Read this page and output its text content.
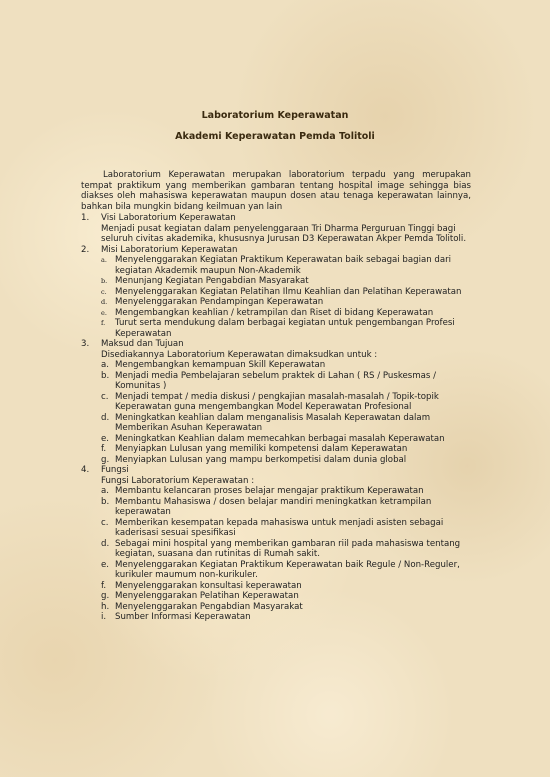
Laboratorium Keperawatan
Akademi Keperawatan Pemda Tolitoli

Laboratorium Keperawatan merupakan laboratorium terpadu yang merupakan tempat praktikum yang memberikan gambaran tentang hospital image sehingga bias diakses oleh mahasiswa keperawatan maupun dosen atau tenaga keperawatan lainnya, bahkan bila mungkin bidang keilmuan yan lain

1. Visi Laboratorium Keperawatan
Menjadi pusat kegiatan dalam penyelenggaraan Tri Dharma Perguruan Tinggi bagi seluruh civitas akademika, khususnya Jurusan D3 Keperawatan Akper Pemda Tolitoli.
2. Misi Laboratorium Keperawatan
a. Menyelenggarakan Kegiatan Praktikum Keperawatan baik sebagai bagian dari kegiatan Akademik maupun Non-Akademik
b. Menunjang Kegiatan Pengabdian Masyarakat
c. Menyelenggarakan Kegiatan Pelatihan Ilmu Keahlian dan Pelatihan Keperawatan
d. Menyelenggarakan Pendampingan Keperawatan
e. Mengembangkan keahlian / ketrampilan dan Riset di bidang Keperawatan
f.	Turut serta mendukung dalam berbagai kegiatan untuk pengembangan Profesi Keperawatan
3. Maksud dan Tujuan
Disediakannya Laboratorium Keperawatan dimaksudkan untuk :
a. Mengembangkan kemampuan Skill Keperawatan
b. Menjadi media Pembelajaran sebelum praktek di Lahan ( RS / Puskesmas / Komunitas )
c. Menjadi tempat / media diskusi / pengkajian masalah-masalah / Topik-topik Keperawatan guna mengembangkan Model Keperawatan Profesional
d. Meningkatkan keahlian dalam menganalisis Masalah Keperawatan dalam Memberikan Asuhan Keperawatan
e. Meningkatkan Keahlian dalam memecahkan berbagai masalah Keperawatan
f.	Menyiapkan Lulusan yang memiliki kompetensi dalam Keperawatan
g. Menyiapkan Lulusan yang mampu berkompetisi dalam dunia global
4. Fungsi
Fungsi Laboratorium Keperawatan :
a. Membantu kelancaran proses belajar mengajar praktikum Keperawatan
b. Membantu Mahasiswa / dosen belajar mandiri meningkatkan ketrampilan keperawatan
c. Memberikan kesempatan kepada mahasiswa untuk menjadi asisten sebagai kaderisasi sesuai spesifikasi
d. Sebagai mini hospital yang memberikan gambaran riil pada mahasiswa tentang kegiatan, suasana dan rutinitas di Rumah sakit.
e. Menyelenggarakan Kegiatan Praktikum Keperawatan baik Regule / Non-Reguler, kurikuler maumum non-kurikuler.
f.	Menyelenggarakan konsultasi keperawatan
g. Menyelenggarakan Pelatihan Keperawatan
h. Menyelenggarakan Pengabdian Masyarakat
i.	Sumber Informasi Keperawatan
